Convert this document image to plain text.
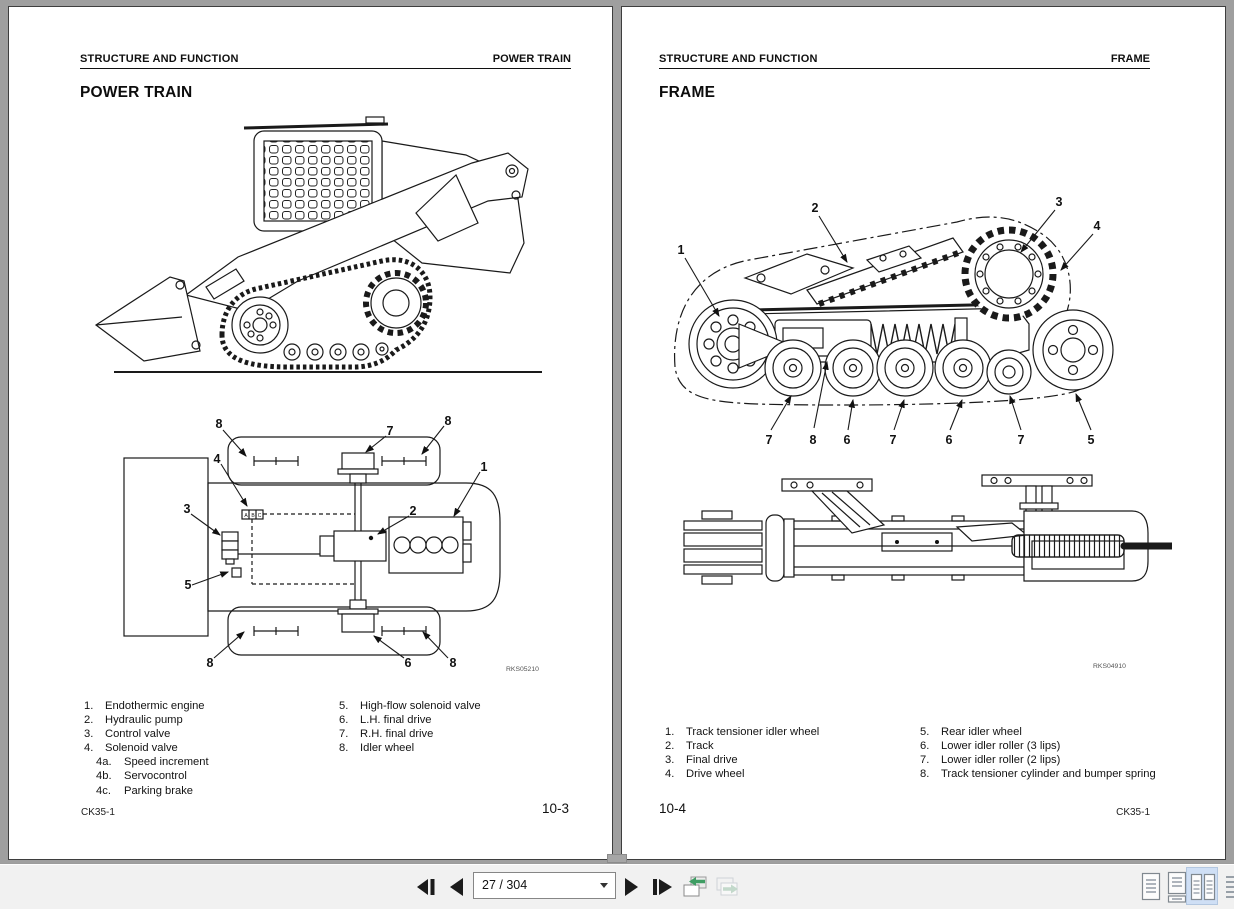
STRUCTURE AND FUNCTION	POWER TRAIN
POWER TRAIN
8	7
8
1
4
2
3
5
8	6	8
A B C
RKS05210
1.	Endothermic engine
2.	Hydraulic pump
3.	Control valve
4.	Solenoid valve
4a.	Speed increment
4b.	Servocontrol
4c.	Parking brake
5.	High-flow solenoid valve
6.	L.H. final drive
7.	R.H. final drive
8.	Idler wheel
CK35-1	10-3
STRUCTURE AND FUNCTION	FRAME
FRAME
1
2	3
4
7	8 6	7	6	7	5
RKS04910
1.	Track tensioner idler wheel
2.	Track
3.	Final drive
4.	Drive wheel
5.	Rear idler wheel
6.	Lower idler roller (3 lips)
7.	Lower idler roller (2 lips)
8.	Track tensioner cylinder and bumper spring
10-4	CK35-1
27 / 304
